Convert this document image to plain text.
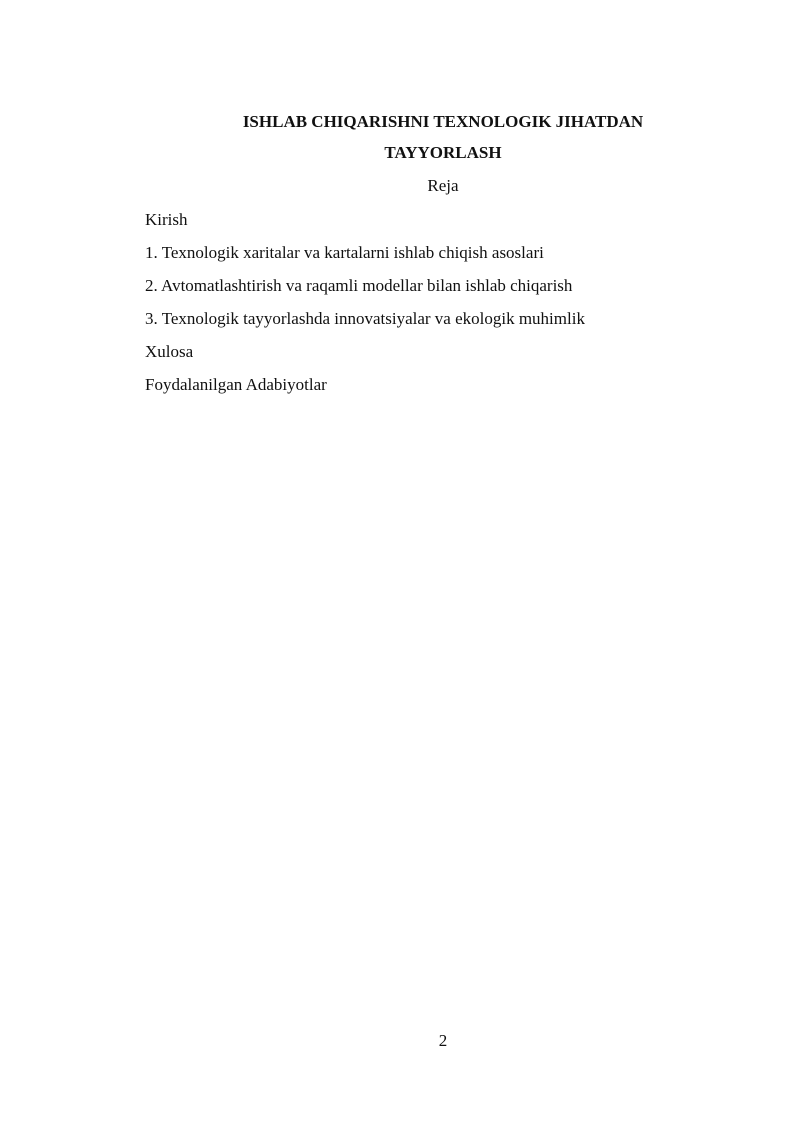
ISHLAB CHIQARISHNI TEXNOLOGIK JIHATDAN
TAYYORLASH
Reja
Kirish
1. Texnologik xaritalar va kartalarni ishlab chiqish asoslari
2. Avtomatlashtirish va raqamli modellar bilan ishlab chiqarish
3. Texnologik tayyorlashda innovatsiyalar va ekologik muhimlik
Xulosa
Foydalanilgan Adabiyotlar
2
